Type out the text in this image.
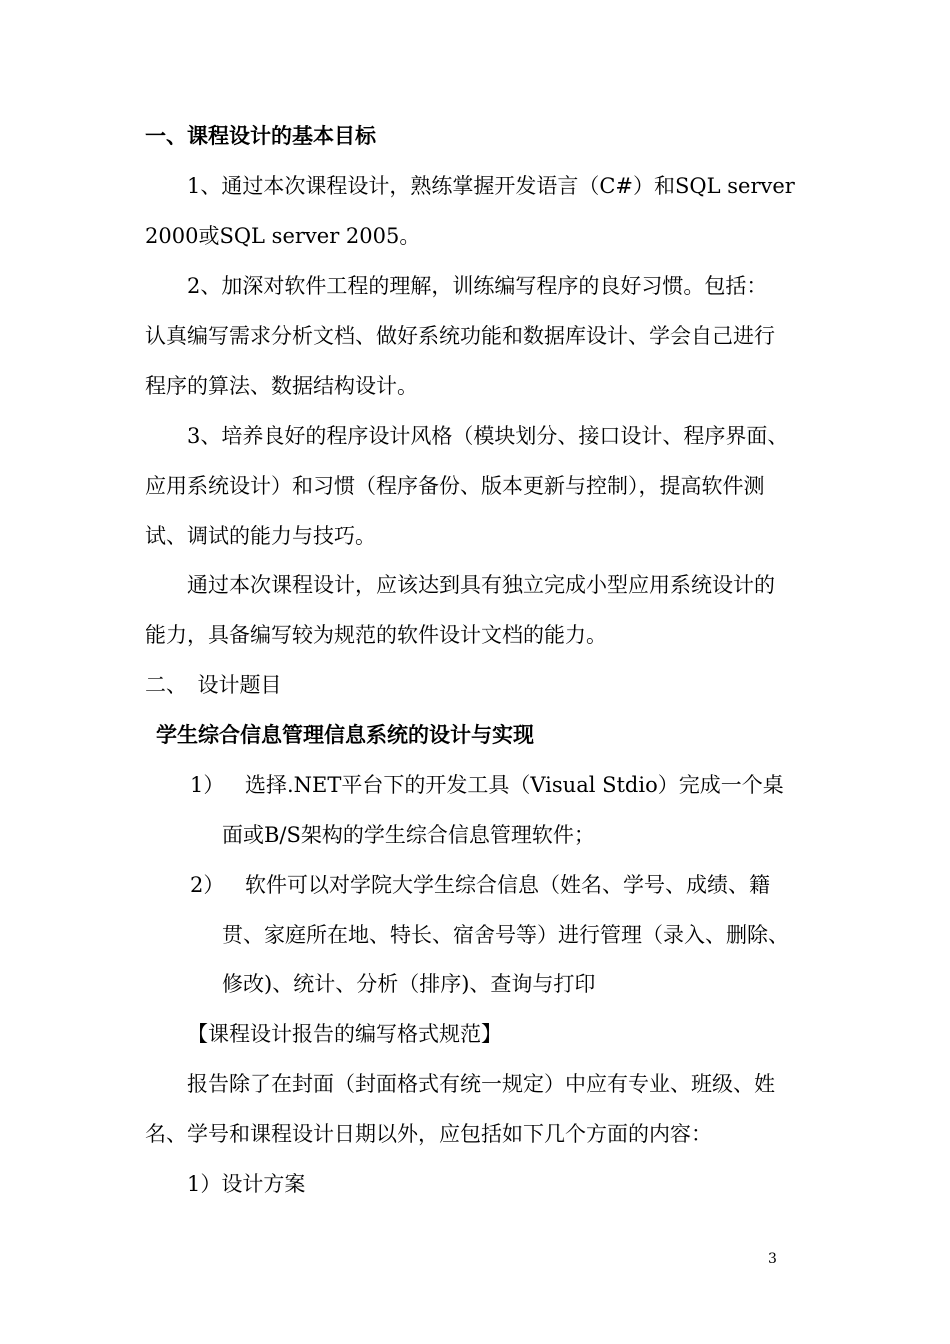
一、课程设计的基本目标
1、通过本次课程设计，熟练掌握开发语言（C#）和SQL server
2000或SQL server 2005。
2、加深对软件工程的理解，训练编写程序的良好习惯。包括：
认真编写需求分析文档、做好系统功能和数据库设计、学会自己进行
程序的算法、数据结构设计。
3、培养良好的程序设计风格（模块划分、接口设计、程序界面、
应用系统设计）和习惯（程序备份、版本更新与控制），提高软件测
试、调试的能力与技巧。
通过本次课程设计，应该达到具有独立完成小型应用系统设计的
能力，具备编写较为规范的软件设计文档的能力。
二、　设计题目
学生综合信息管理信息系统的设计与实现
1） 选择.NET平台下的开发工具（Visual Stdio）完成一个桌
面或B/S架构的学生综合信息管理软件；
2） 软件可以对学院大学生综合信息（姓名、学号、成绩、籍
贯、家庭所在地、特长、宿舍号等）进行管理（录入、删除、
修改)、统计、分析（排序)、查询与打印
【课程设计报告的编写格式规范】
报告除了在封面（封面格式有统一规定）中应有专业、班级、姓
名、学号和课程设计日期以外，应包括如下几个方面的内容：
1）设计方案
3
